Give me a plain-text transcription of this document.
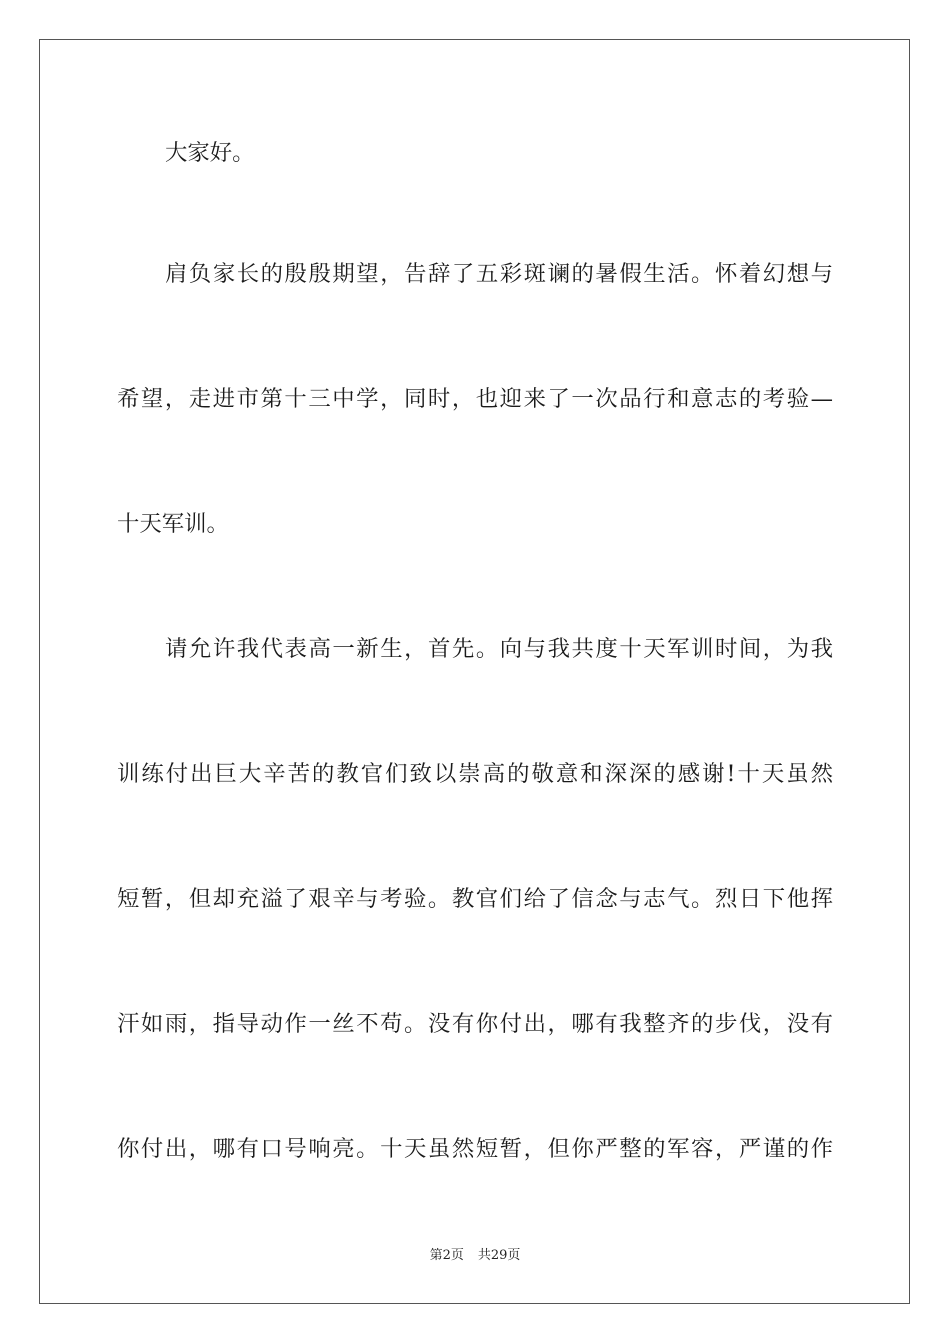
大家好。
肩负家长的殷殷期望，告辞了五彩斑谰的暑假生活。怀着幻想与
希望，走进市第十三中学，同时，也迎来了一次品行和意志的考验—
十天军训。
请允许我代表高一新生，首先。向与我共度十天军训时间，为我
训练付出巨大辛苦的教官们致以崇高的敬意和深深的感谢!十天虽然
短暂，但却充溢了艰辛与考验。教官们给了信念与志气。烈日下他挥
汗如雨，指导动作一丝不苟。没有你付出，哪有我整齐的步伐，没有
你付出，哪有口号响亮。十天虽然短暂，但你严整的军容，严谨的作
第2页 共29页
